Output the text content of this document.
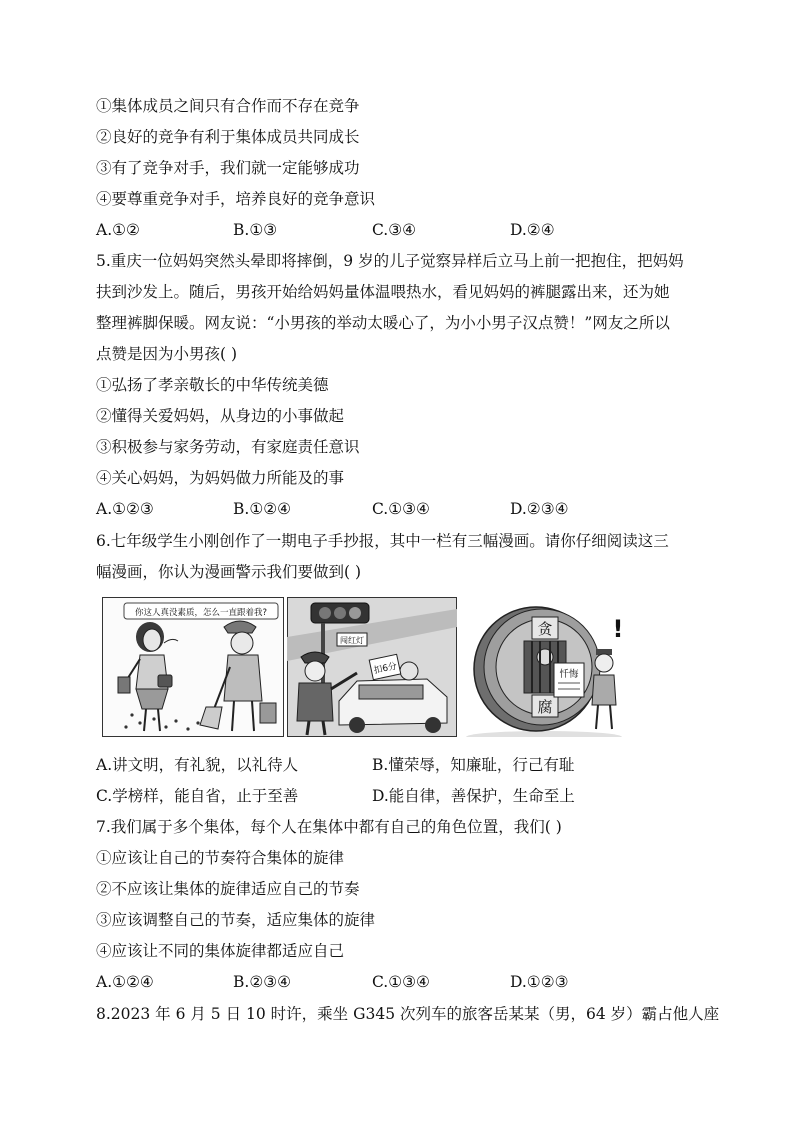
①集体成员之间只有合作而不存在竞争
②良好的竞争有利于集体成员共同成长
③有了竞争对手，我们就一定能够成功
④要尊重竞争对手，培养良好的竞争意识
A.①②	B.①③	C.③④	D.②④
5.重庆一位妈妈突然头晕即将摔倒，9 岁的儿子觉察异样后立马上前一把抱住，把妈妈
扶到沙发上。随后，男孩开始给妈妈量体温喂热水，看见妈妈的裤腿露出来，还为她
整理裤脚保暖。网友说：“小男孩的举动太暖心了，为小小男子汉点赞！”网友之所以
点赞是因为小男孩( )
①弘扬了孝亲敬长的中华传统美德
②懂得关爱妈妈，从身边的小事做起
③积极参与家务劳动，有家庭责任意识
④关心妈妈，为妈妈做力所能及的事
A.①②③	B.①②④	C.①③④	D.②③④
6.七年级学生小刚创作了一期电子手抄报，其中一栏有三幅漫画。请你仔细阅读这三
幅漫画，你认为漫画警示我们要做到( )
你这人真没素质，怎么一直跟着我?
闯红灯
扣6分
贪
腐
忏悔
!
A.讲文明，有礼貌，以礼待人	B.懂荣辱，知廉耻，行己有耻
C.学榜样，能自省，止于至善	D.能自律，善保护，生命至上
7.我们属于多个集体，每个人在集体中都有自己的角色位置，我们( )
①应该让自己的节奏符合集体的旋律
②不应该让集体的旋律适应自己的节奏
③应该调整自己的节奏，适应集体的旋律
④应该让不同的集体旋律都适应自己
A.①②④	B.②③④	C.①③④	D.①②③
8.2023 年 6 月 5 日 10 时许，乘坐 G345 次列车的旅客岳某某（男，64 岁）霸占他人座
